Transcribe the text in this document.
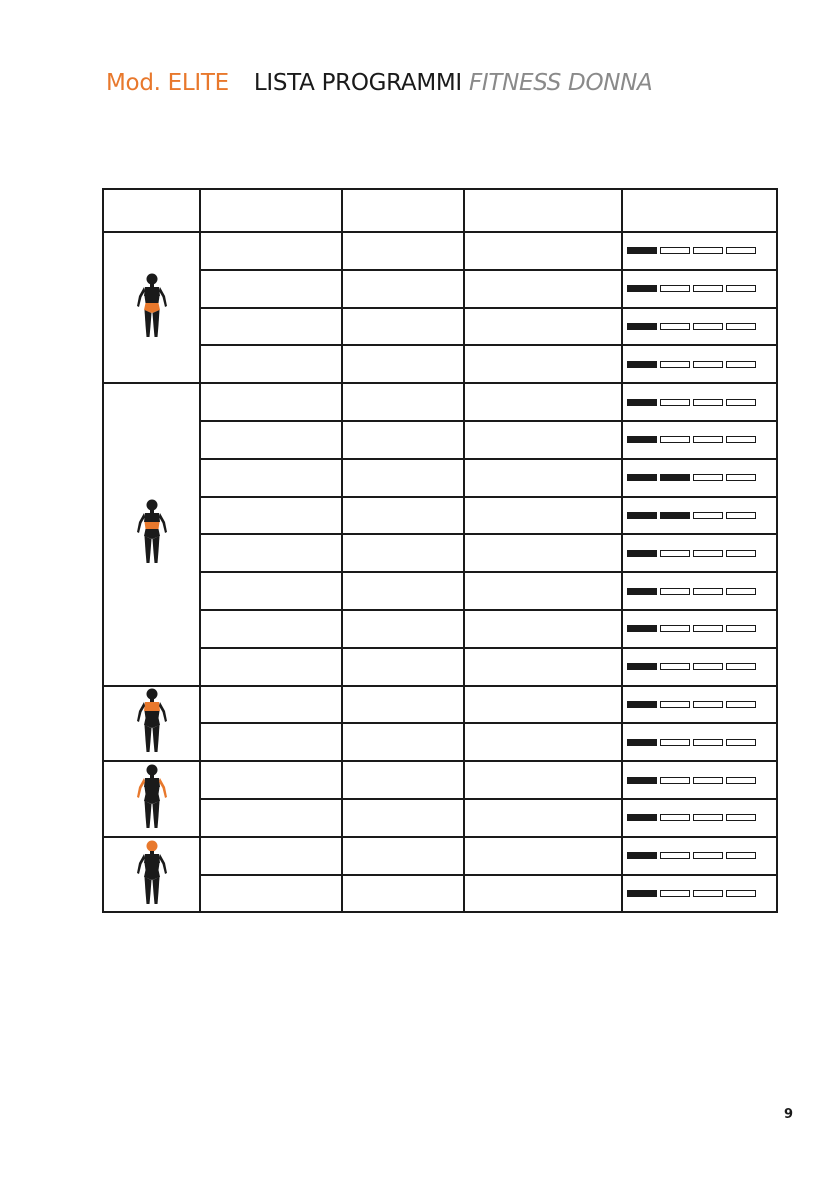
Mod. ELITE LISTA PROGRAMMI FITNESS DONNA

9
